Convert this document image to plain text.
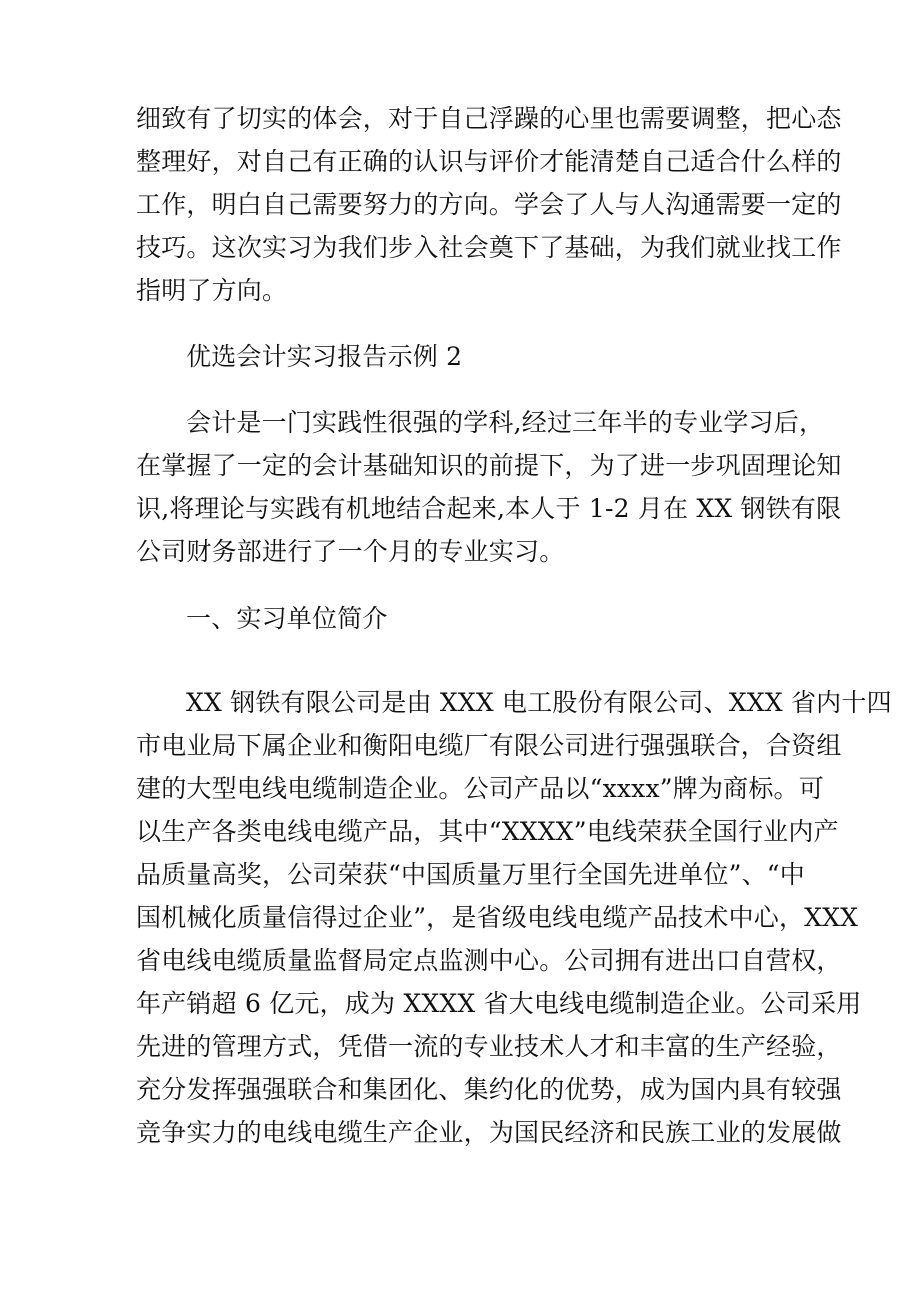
细致有了切实的体会，对于自己浮躁的心里也需要调整，把心态
整理好，对自己有正确的认识与评价才能清楚自己适合什么样的
工作，明白自己需要努力的方向。学会了人与人沟通需要一定的
技巧。这次实习为我们步入社会奠下了基础，为我们就业找工作
指明了方向。
优选会计实习报告示例 2
会计是一门实践性很强的学科,经过三年半的专业学习后，
在掌握了一定的会计基础知识的前提下，为了进一步巩固理论知
识,将理论与实践有机地结合起来,本人于 1-2 月在 XX 钢铁有限
公司财务部进行了一个月的专业实习。
一、实习单位简介
XX 钢铁有限公司是由 XXX 电工股份有限公司、XXX 省内十四
市电业局下属企业和衡阳电缆厂有限公司进行强强联合，合资组
建的大型电线电缆制造企业。公司产品以“xxxx”牌为商标。可
以生产各类电线电缆产品，其中“XXXX”电线荣获全国行业内产
品质量高奖，公司荣获“中国质量万里行全国先进单位”、“中
国机械化质量信得过企业”，是省级电线电缆产品技术中心，XXX
省电线电缆质量监督局定点监测中心。公司拥有进出口自营权，
年产销超 6 亿元，成为 XXXX 省大电线电缆制造企业。公司采用
先进的管理方式，凭借一流的专业技术人才和丰富的生产经验，
充分发挥强强联合和集团化、集约化的优势，成为国内具有较强
竞争实力的电线电缆生产企业，为国民经济和民族工业的发展做
